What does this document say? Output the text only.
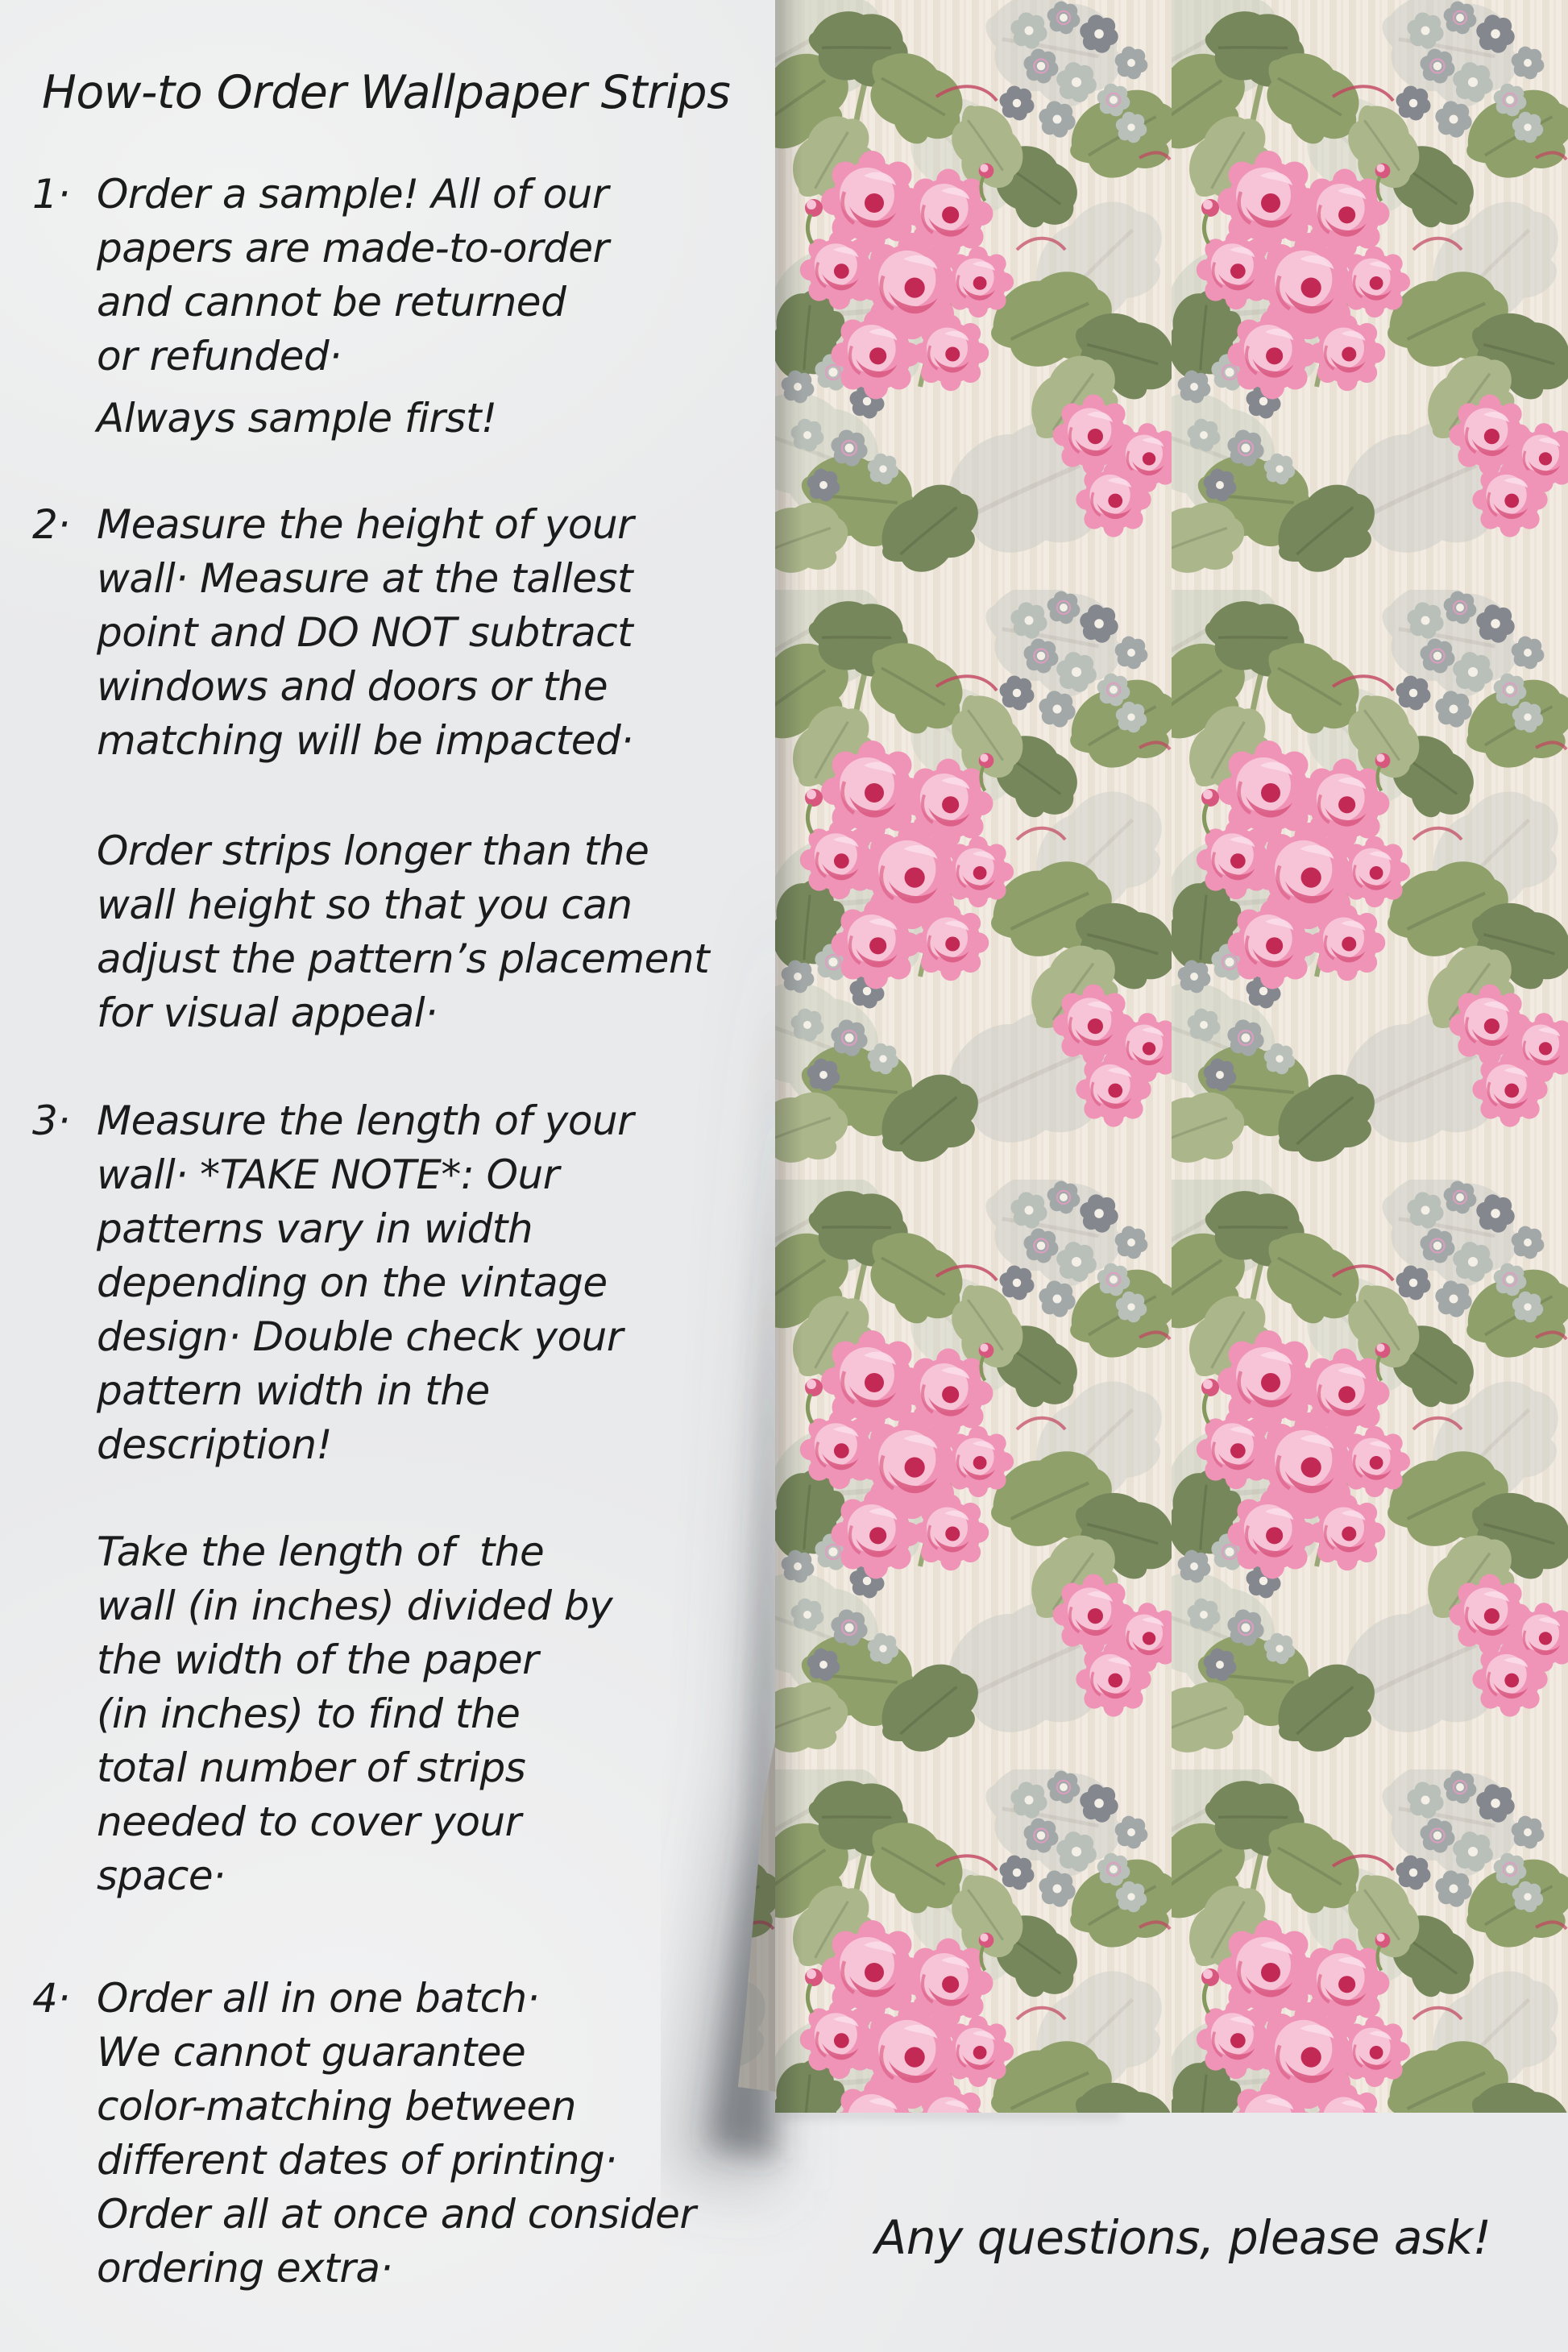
How-to Order Wallpaper Strips
1· Order a sample! All of our
papers are made-to-order
and cannot be returned
or refunded·
Always sample first!
2· Measure the height of your
wall· Measure at the tallest
point and DO NOT subtract
windows and doors or the
matching will be impacted·
Order strips longer than the
wall height so that you can
adjust the pattern’s placement
for visual appeal·
3· Measure the length of your
wall· *TAKE NOTE*: Our
patterns vary in width
depending on the vintage
design· Double check your
pattern width in the
description!
Take the length of  the
wall (in inches) divided by
the width of the paper
(in inches) to find the
total number of strips
needed to cover your
space·
4· Order all in one batch·
We cannot guarantee
color-matching between
different dates of printing·
Order all at once and consider
ordering extra·
Any questions, please ask!
